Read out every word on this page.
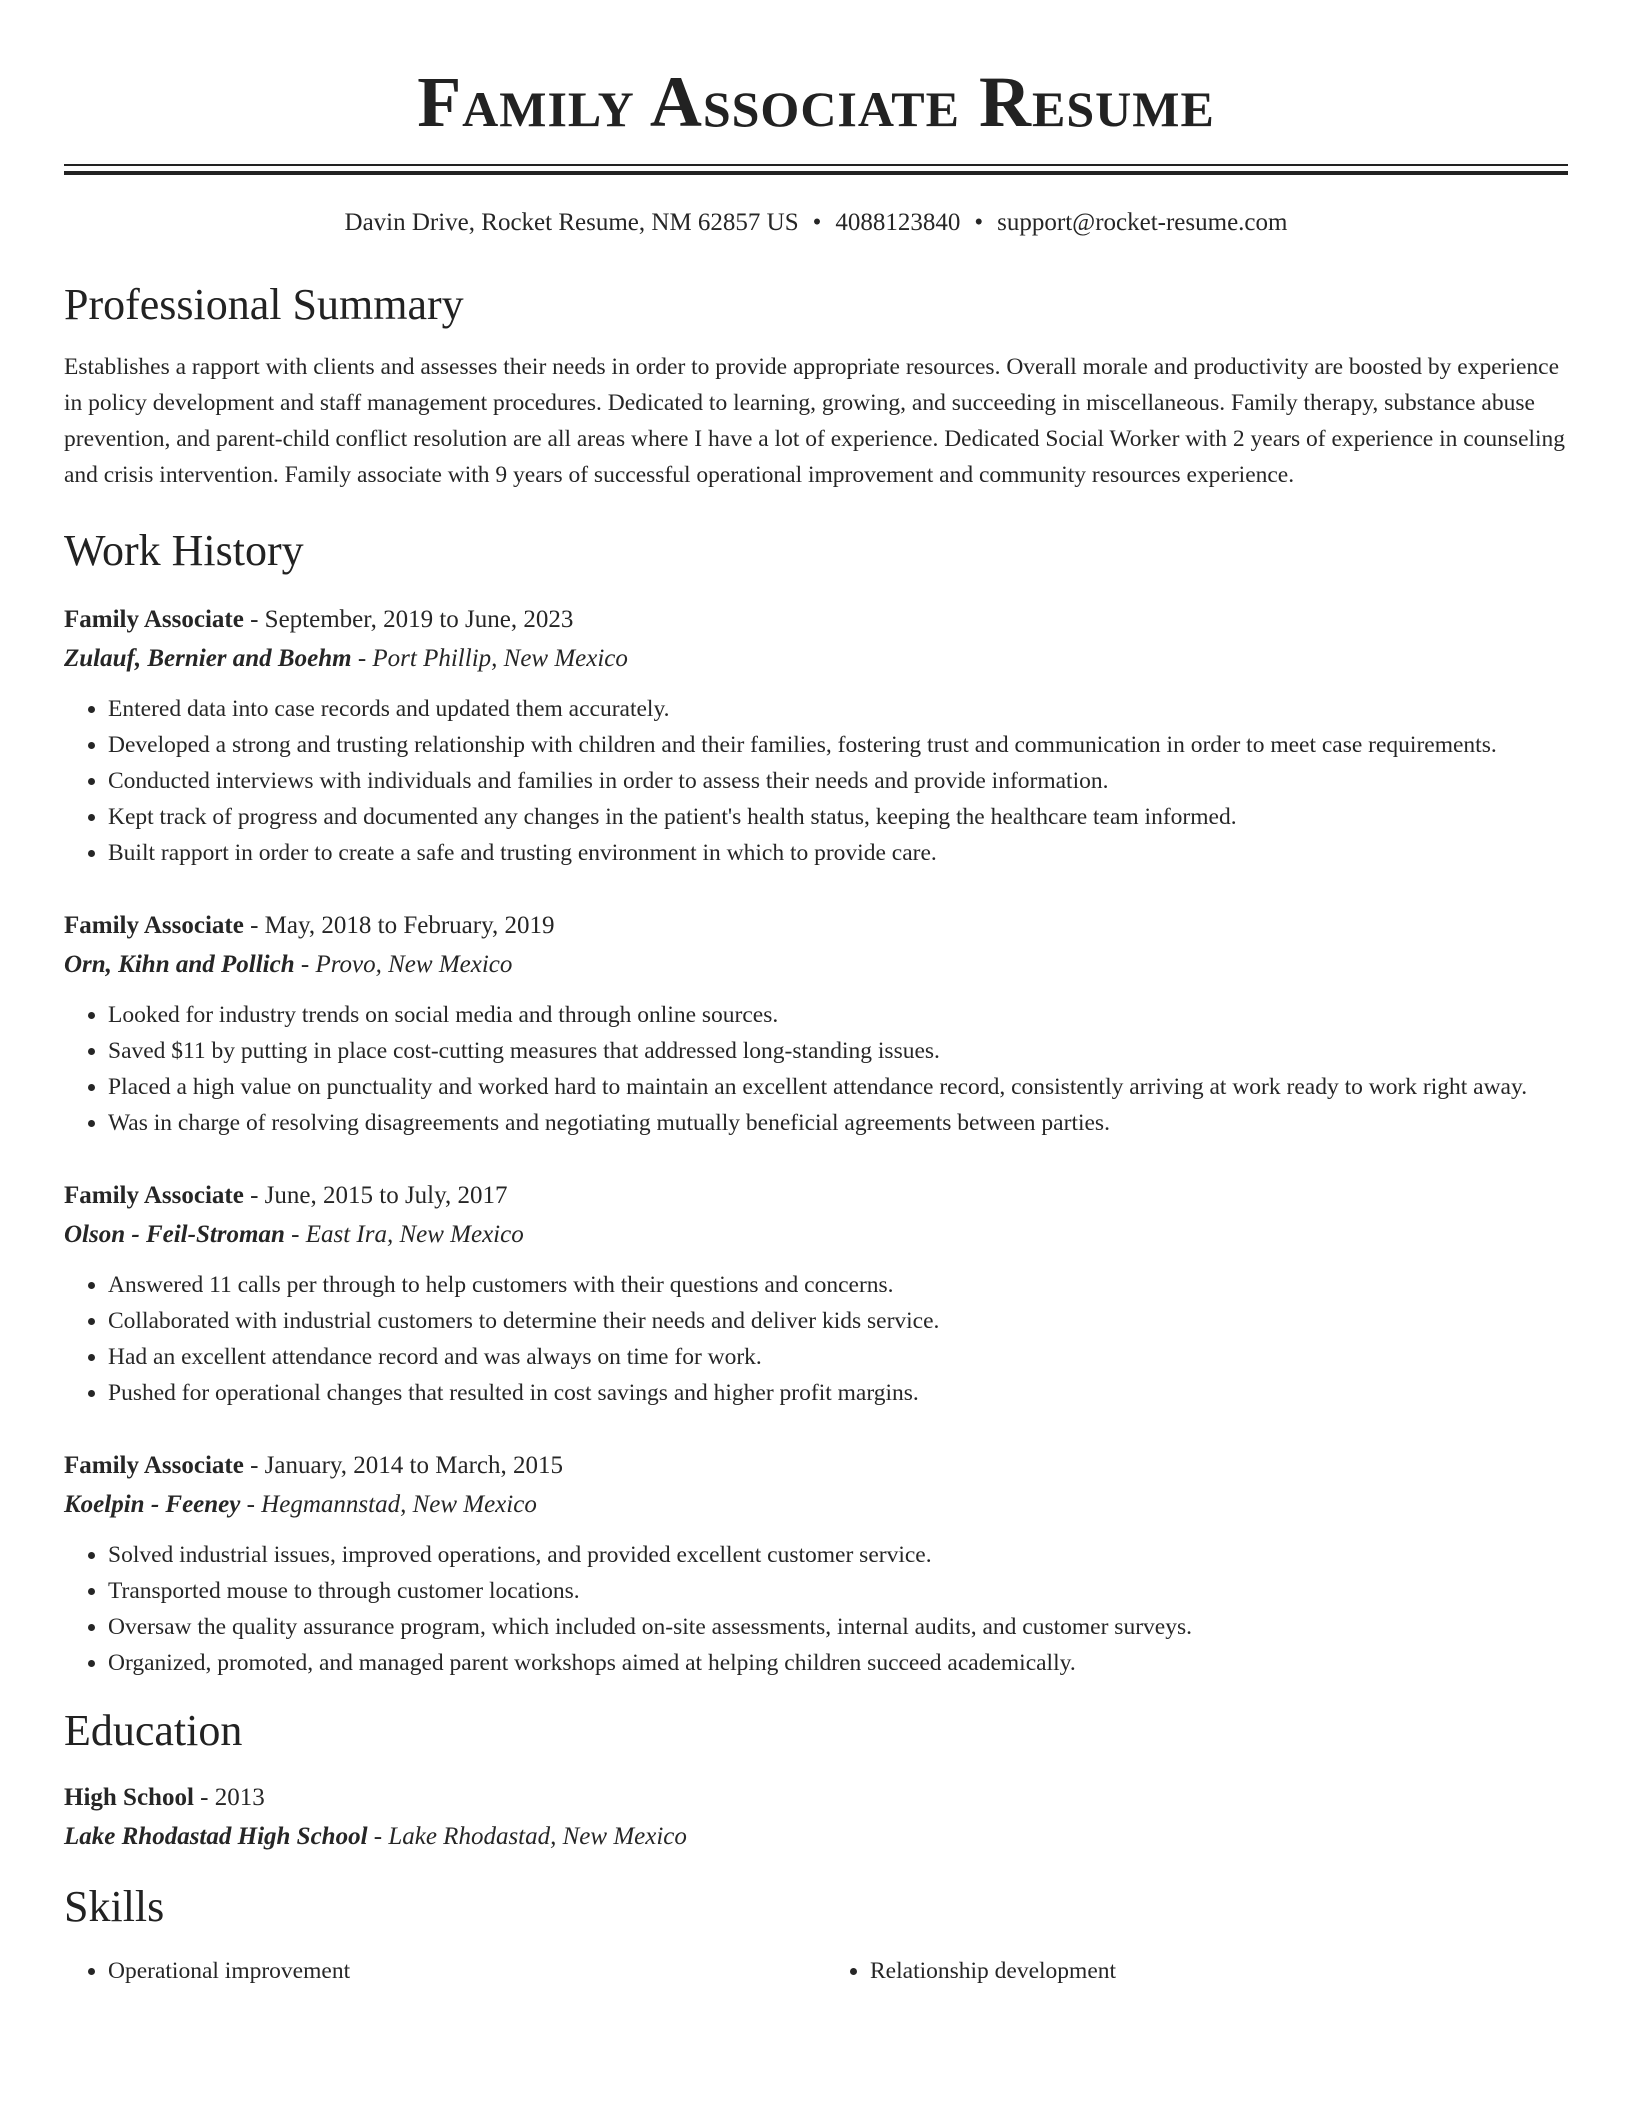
Family Associate Resume
Davin Drive, Rocket Resume, NM 62857 US • 4088123840 • support@rocket-resume.com
Professional Summary
Establishes a rapport with clients and assesses their needs in order to provide appropriate resources. Overall morale and productivity are boosted by experience in policy development and staff management procedures. Dedicated to learning, growing, and succeeding in miscellaneous. Family therapy, substance abuse prevention, and parent-child conflict resolution are all areas where I have a lot of experience. Dedicated Social Worker with 2 years of experience in counseling and crisis intervention. Family associate with 9 years of successful operational improvement and community resources experience.
Work History
Family Associate - September, 2019 to June, 2023
Zulauf, Bernier and Boehm - Port Phillip, New Mexico
• Entered data into case records and updated them accurately.
• Developed a strong and trusting relationship with children and their families, fostering trust and communication in order to meet case requirements.
• Conducted interviews with individuals and families in order to assess their needs and provide information.
• Kept track of progress and documented any changes in the patient's health status, keeping the healthcare team informed.
• Built rapport in order to create a safe and trusting environment in which to provide care.
Family Associate - May, 2018 to February, 2019
Orn, Kihn and Pollich - Provo, New Mexico
• Looked for industry trends on social media and through online sources.
• Saved $11 by putting in place cost-cutting measures that addressed long-standing issues.
• Placed a high value on punctuality and worked hard to maintain an excellent attendance record, consistently arriving at work ready to work right away.
• Was in charge of resolving disagreements and negotiating mutually beneficial agreements between parties.
Family Associate - June, 2015 to July, 2017
Olson - Feil-Stroman - East Ira, New Mexico
• Answered 11 calls per through to help customers with their questions and concerns.
• Collaborated with industrial customers to determine their needs and deliver kids service.
• Had an excellent attendance record and was always on time for work.
• Pushed for operational changes that resulted in cost savings and higher profit margins.
Family Associate - January, 2014 to March, 2015
Koelpin - Feeney - Hegmannstad, New Mexico
• Solved industrial issues, improved operations, and provided excellent customer service.
• Transported mouse to through customer locations.
• Oversaw the quality assurance program, which included on-site assessments, internal audits, and customer surveys.
• Organized, promoted, and managed parent workshops aimed at helping children succeed academically.
Education
High School - 2013
Lake Rhodastad High School - Lake Rhodastad, New Mexico
Skills
• Operational improvement
•	Relationship development
